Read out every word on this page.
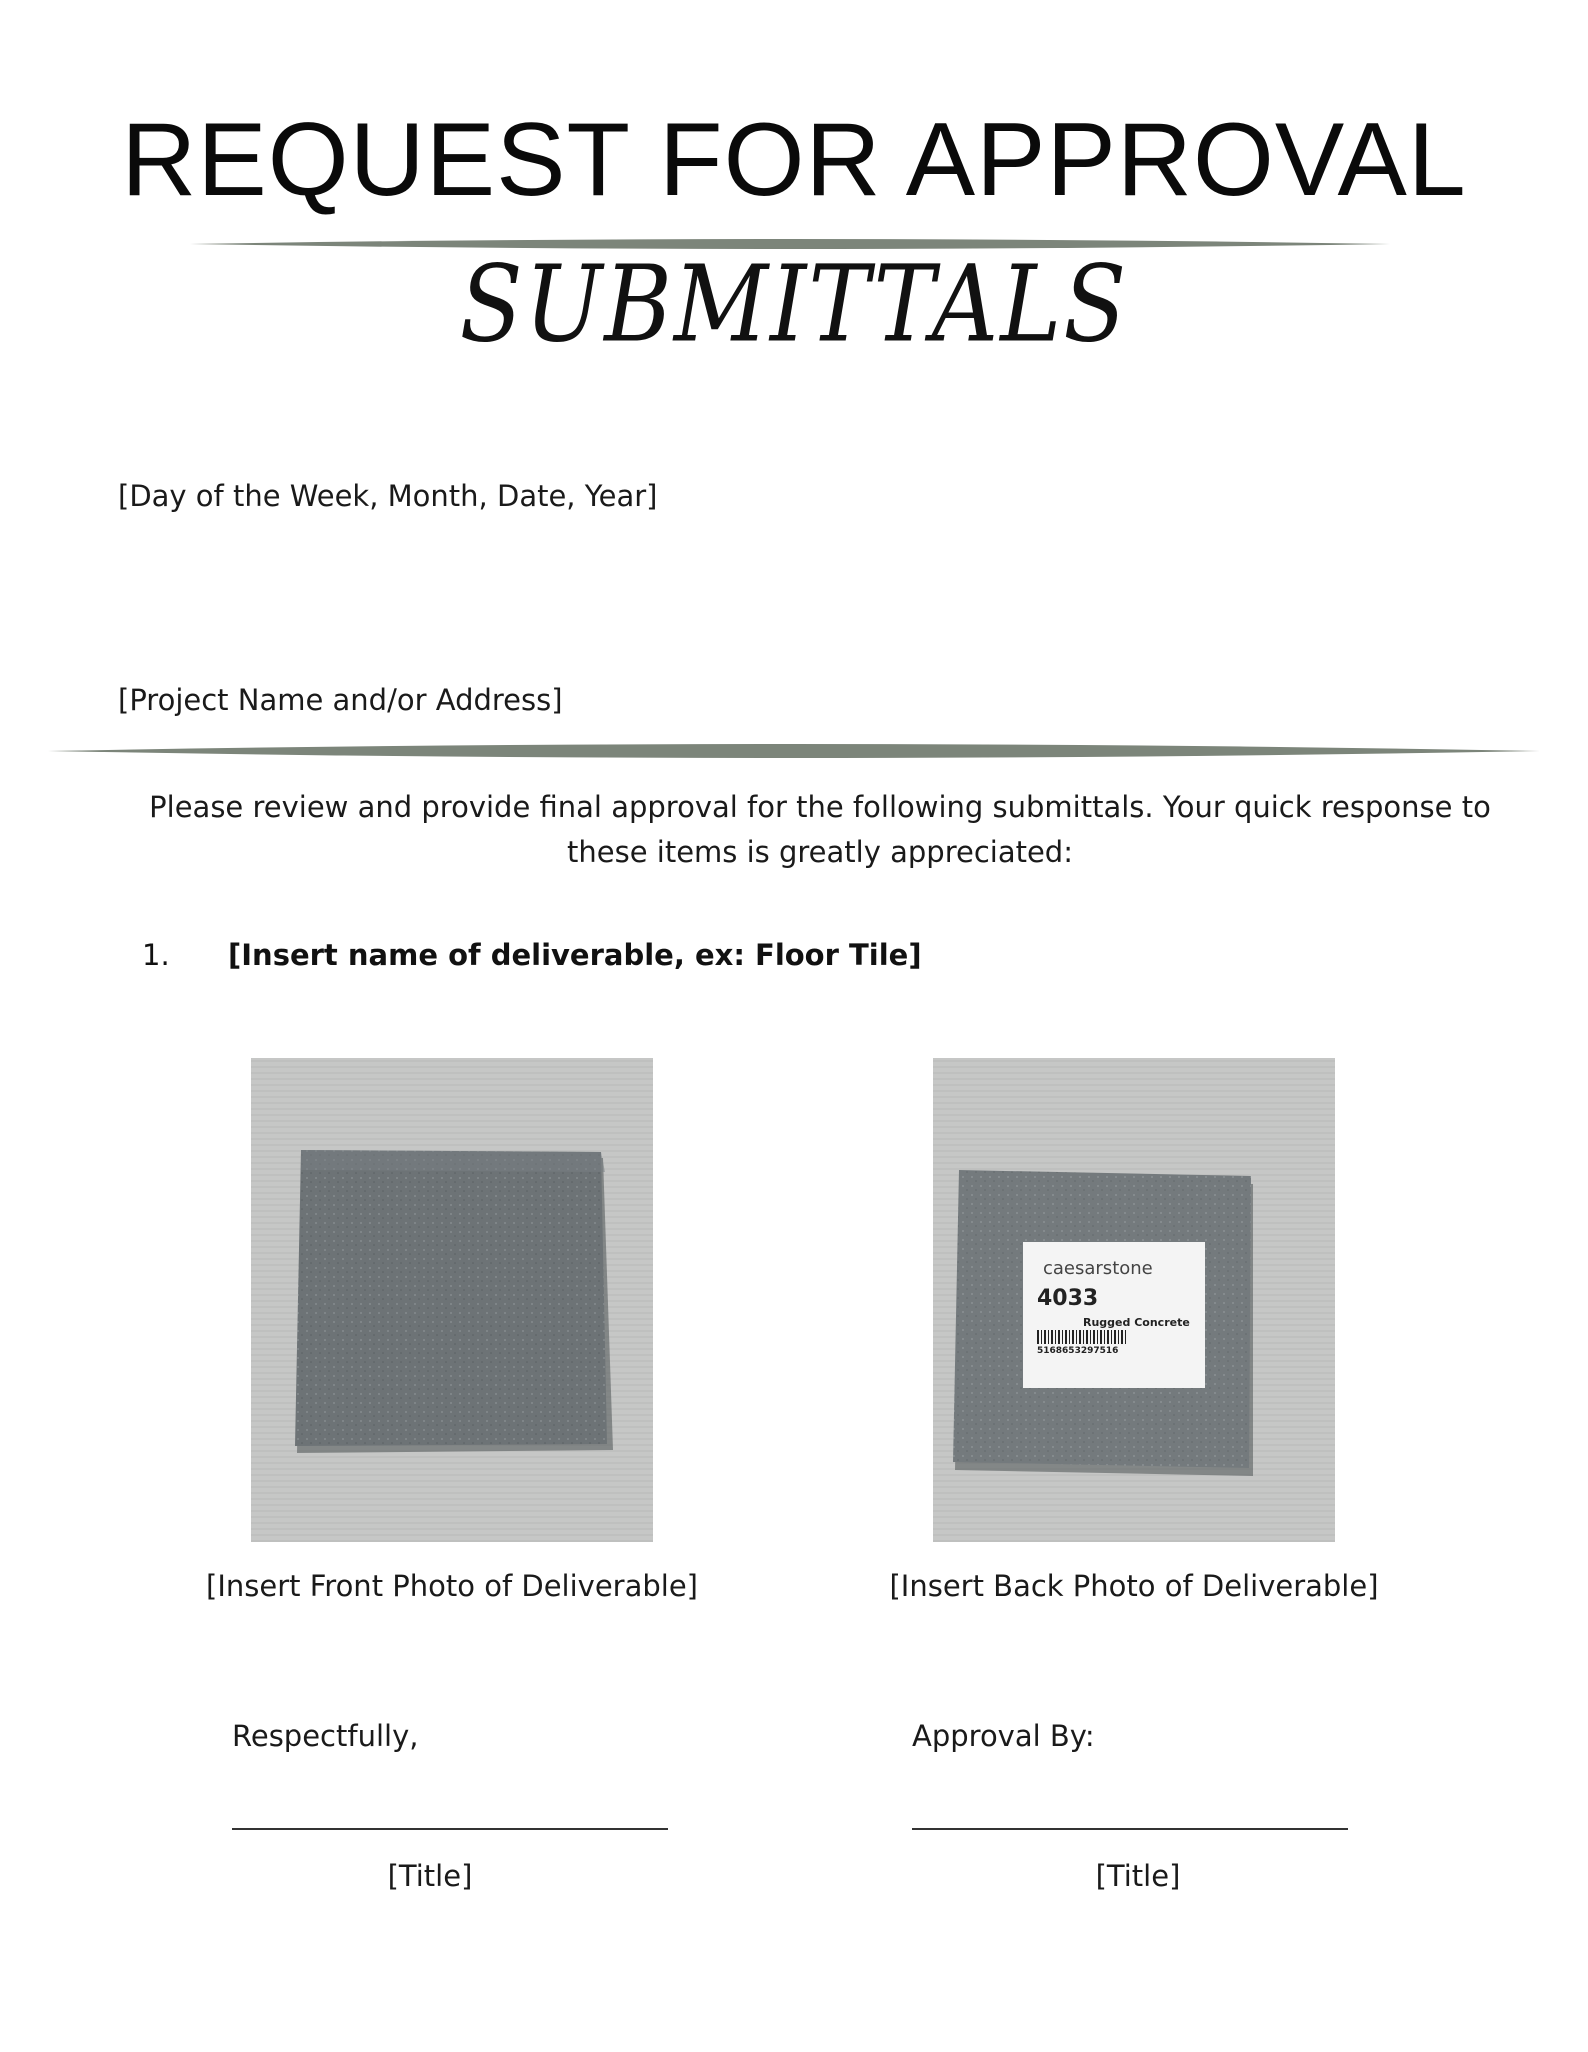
REQUEST FOR APPROVAL
SUBMITTALS
[Day of the Week, Month, Date, Year]
[Project Name and/or Address]
Please review and provide final approval for the following submittals. Your quick response to
these items is greatly appreciated:
1. [Insert name of deliverable, ex: Floor Tile]
caesarstone
4033
Rugged Concrete
5168653297516
[Insert Front Photo of Deliverable]	[Insert Back Photo of Deliverable]
Respectfully,	Approval By:
[Title]	[Title]
